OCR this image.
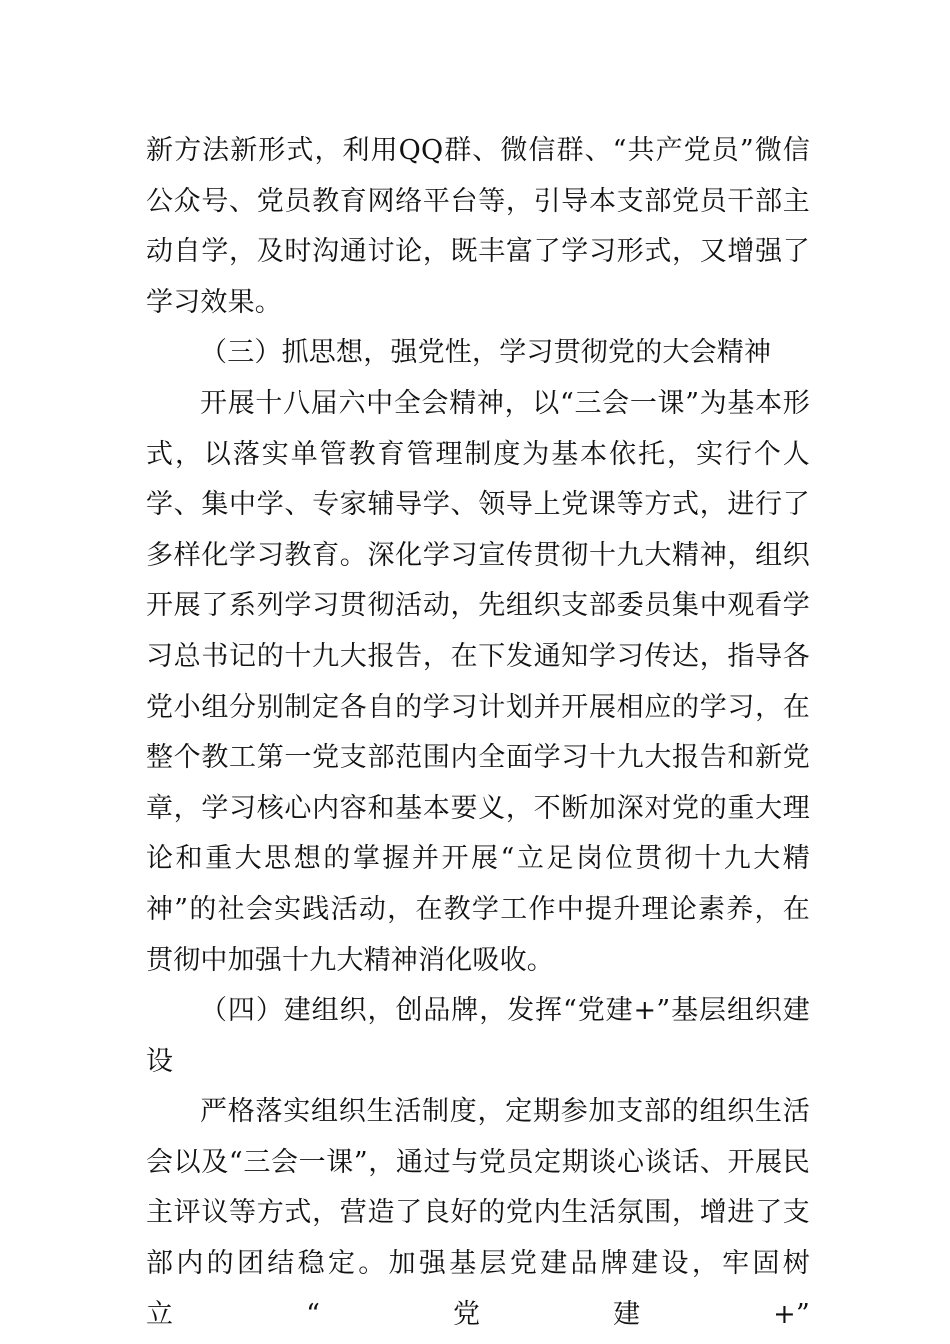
新方法新形式，利用QQ群、微信群、“共产党员”微信公众号、党员教育网络平台等，引导本支部党员干部主动自学，及时沟通讨论，既丰富了学习形式，又增强了学习效果。

（三）抓思想，强党性，学习贯彻党的大会精神

开展十八届六中全会精神，以“三会一课”为基本形式，以落实单管教育管理制度为基本依托，实行个人学、集中学、专家辅导学、领导上党课等方式，进行了多样化学习教育。深化学习宣传贯彻十九大精神，组织开展了系列学习贯彻活动，先组织支部委员集中观看学习总书记的十九大报告，在下发通知学习传达，指导各党小组分别制定各自的学习计划并开展相应的学习，在整个教工第一党支部范围内全面学习十九大报告和新党章，学习核心内容和基本要义，不断加深对党的重大理论和重大思想的掌握并开展“立足岗位贯彻十九大精神”的社会实践活动，在教学工作中提升理论素养，在贯彻中加强十九大精神消化吸收。

（四）建组织，创品牌，发挥“党建+”基层组织建设

严格落实组织生活制度，定期参加支部的组织生活会以及“三会一课”，通过与党员定期谈心谈话、开展民主评议等方式，营造了良好的党内生活氛围，增进了支部内的团结稳定。加强基层党建品牌建设，牢固树立“党建+”
